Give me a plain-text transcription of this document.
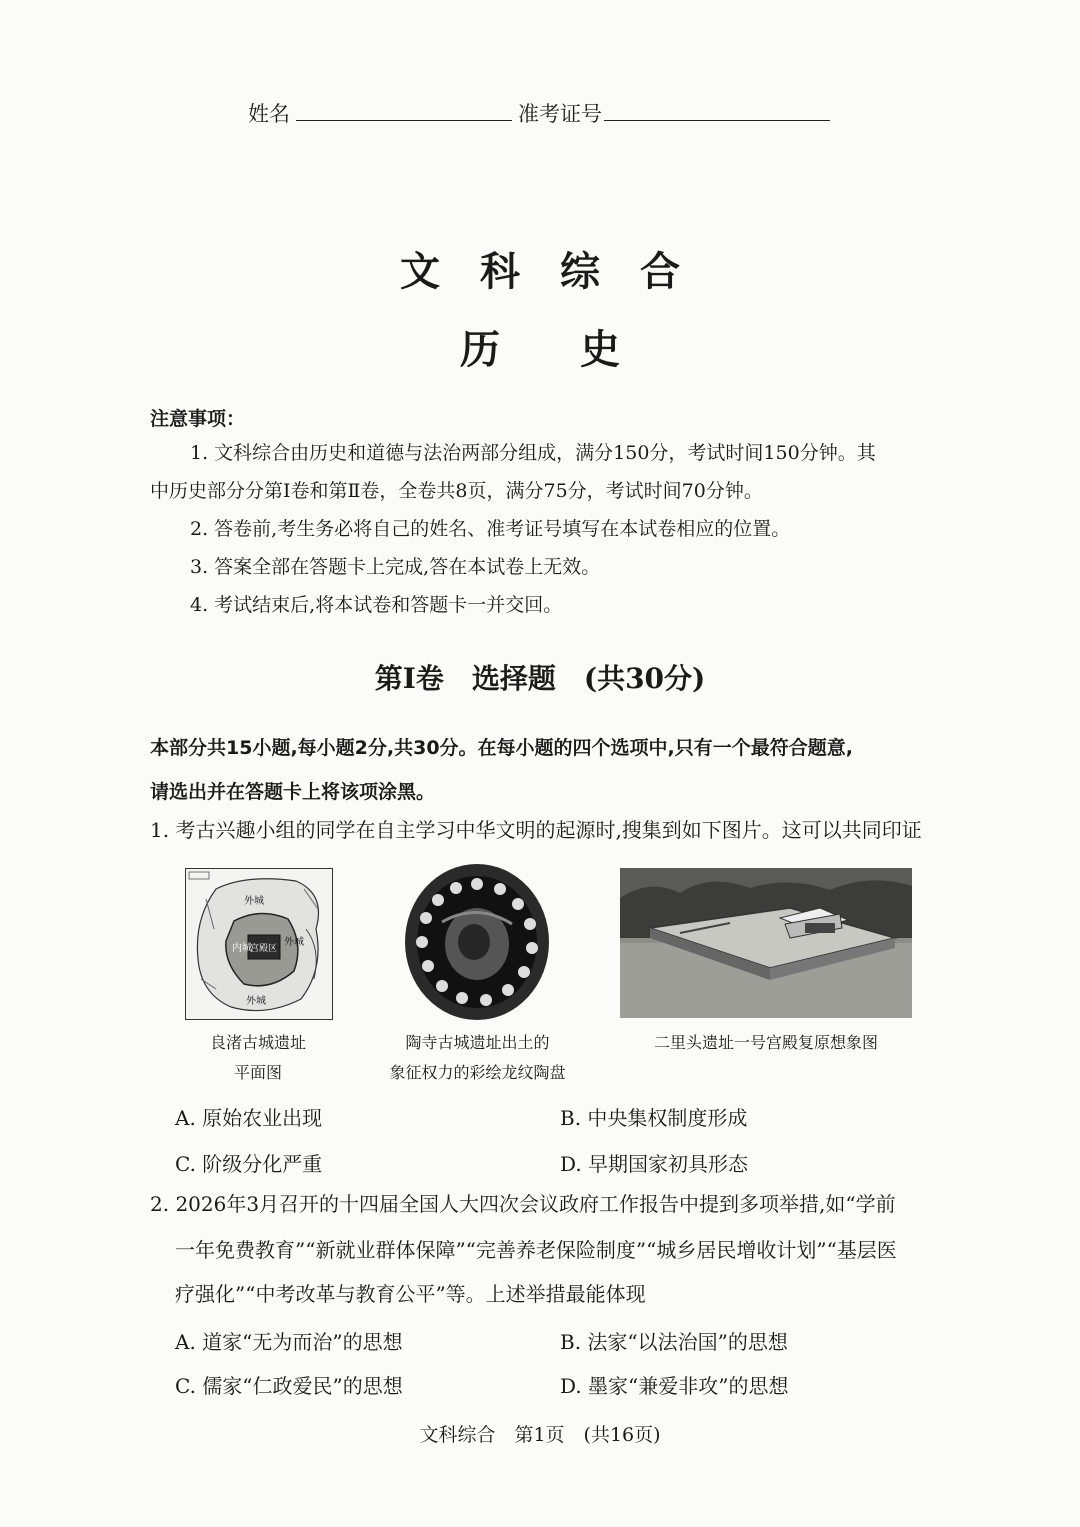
姓名	准考证号
文科综合
历史
注意事项：
1. 文科综合由历史和道德与法治两部分组成，满分150分，考试时间150分钟。其
中历史部分分第Ⅰ卷和第Ⅱ卷，全卷共8页，满分75分，考试时间70分钟。
2. 答卷前,考生务必将自己的姓名、准考证号填写在本试卷相应的位置。
3. 答案全部在答题卡上完成,答在本试卷上无效。
4. 考试结束后,将本试卷和答题卡一并交回。
第Ⅰ卷　选择题　(共30分)
本部分共15小题,每小题2分,共30分。在每小题的四个选项中,只有一个最符合题意,
请选出并在答题卡上将该项涂黑。
1. 考古兴趣小组的同学在自主学习中华文明的起源时,搜集到如下图片。这可以共同印证
外城
内城
宫殿区
外城
外城
良渚古城遗址
平面图
陶寺古城遗址出土的
象征权力的彩绘龙纹陶盘
二里头遗址一号宫殿复原想象图
A. 原始农业出现	B. 中央集权制度形成
C. 阶级分化严重	D. 早期国家初具形态
2. 2026年3月召开的十四届全国人大四次会议政府工作报告中提到多项举措,如“学前
一年免费教育”“新就业群体保障”“完善养老保险制度”“城乡居民增收计划”“基层医
疗强化”“中考改革与教育公平”等。上述举措最能体现
A. 道家“无为而治”的思想	B. 法家“以法治国”的思想
C. 儒家“仁政爱民”的思想	D. 墨家“兼爱非攻”的思想
文科综合　第1页　(共16页)
